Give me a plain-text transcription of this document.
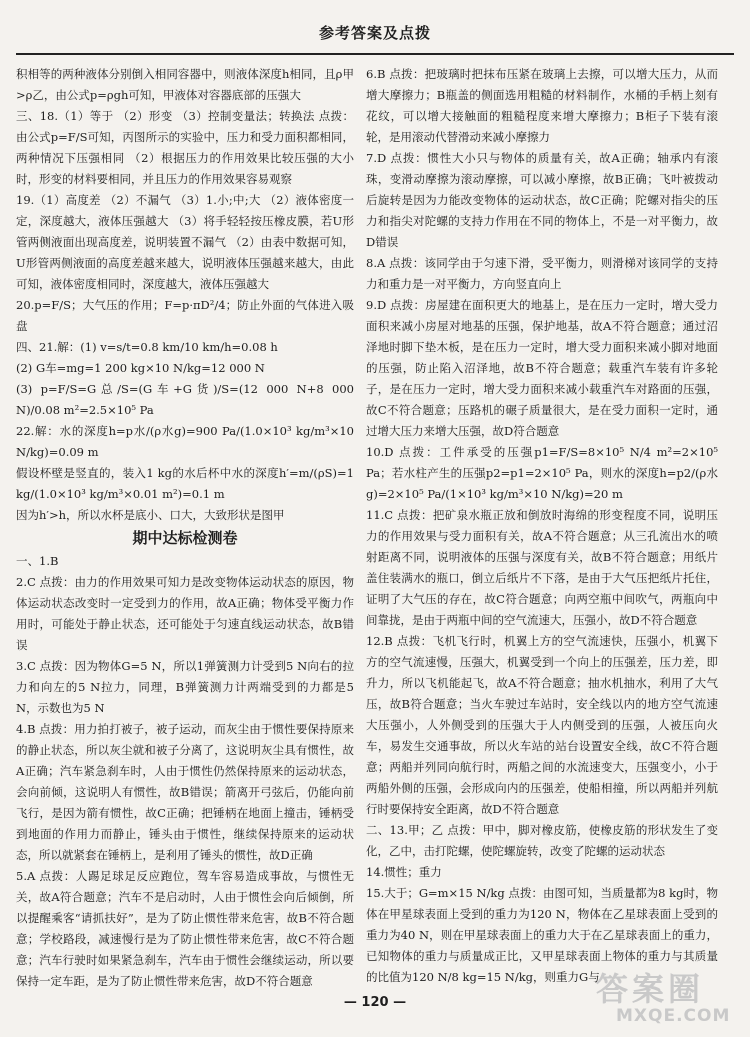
参考答案及点拨

积相等的两种液体分别倒入相同容器中，则液体深度h相同，且ρ甲>ρ乙，由公式p=ρgh可知，甲液体对容器底部的压强大

三、18.（1）等于 （2）形变 （3）控制变量法；转换法 点拨：由公式p=F/S可知，丙图所示的实验中，压力和受力面积都相同，两种情况下压强相同 （2）根据压力的作用效果比较压强的大小时，形变的材料要相同，并且压力的作用效果容易观察

19.（1）高度差 （2）不漏气 （3）1.小;中;大 （2）液体密度一定，深度越大，液体压强越大 （3）将手轻轻按压橡皮膜，若U形管两侧液面出现高度差，说明装置不漏气 （2）由表中数据可知，U形管两侧液面的高度差越来越大，说明液体压强越来越大，由此可知，液体密度相同时，深度越大，液体压强越大

20.p=F/S；大气压的作用；F=p·πD²/4；防止外面的气体进入吸盘

四、21.解：(1) v=s/t=0.8 km/10 km/h=0.08 h

(2) G车=mg=1 200 kg×10 N/kg=12 000 N

(3) p=F/S=G总/S=(G车+G货)/S=(12 000 N+8 000 N)/0.08 m²=2.5×10⁵ Pa

22.解：水的深度h=p水/(ρ水g)=900 Pa/(1.0×10³ kg/m³×10 N/kg)=0.09 m

假设杯壁是竖直的，装入1 kg的水后杯中水的深度h′=m/(ρS)=1 kg/(1.0×10³ kg/m³×0.01 m²)=0.1 m

因为h′>h，所以水杯是底小、口大，大致形状是图甲

期中达标检测卷

一、1.B

2.C 点拨：由力的作用效果可知力是改变物体运动状态的原因，物体运动状态改变时一定受到力的作用，故A正确；物体受平衡力作用时，可能处于静止状态，还可能处于匀速直线运动状态，故B错误

3.C 点拨：因为物体G=5 N，所以1弹簧测力计受到5 N向右的拉力和向左的5 N拉力，同理，B弹簧测力计两端受到的力都是5 N，示数也为5 N

4.B 点拨：用力拍打被子，被子运动，而灰尘由于惯性要保持原来的静止状态，所以灰尘就和被子分离了，这说明灰尘具有惯性，故A正确；汽车紧急刹车时，人由于惯性仍然保持原来的运动状态，会向前倾，这说明人有惯性，故B错误；箭离开弓弦后，仍能向前飞行，是因为箭有惯性，故C正确；把锤柄在地面上撞击，锤柄受到地面的作用力而静止，锤头由于惯性，继续保持原来的运动状态，所以就紧套在锤柄上，是利用了锤头的惯性，故D正确

5.A 点拨：人踢足球足反应跑位，驾车容易造成事故，与惯性无关，故A符合题意；汽车不是启动时，人由于惯性会向后倾倒，所以提醒乘客“请抓扶好”，是为了防止惯性带来危害，故B不符合题意；学校路段，减速慢行是为了防止惯性带来危害，故C不符合题意；汽车行驶时如果紧急刹车，汽车由于惯性会继续运动，所以要保持一定车距，是为了防止惯性带来危害，故D不符合题意

6.B 点拨：把玻璃时把抹布压紧在玻璃上去擦，可以增大压力，从而增大摩擦力；B瓶盖的侧面选用粗糙的材料制作，水桶的手柄上刻有花纹，可以增大接触面的粗糙程度来增大摩擦力；B柜子下装有滚轮，是用滚动代替滑动来减小摩擦力

7.D 点拨：惯性大小只与物体的质量有关，故A正确；轴承内有滚珠，变滑动摩擦为滚动摩擦，可以减小摩擦，故B正确；飞叶被拨动后旋转是因为力能改变物体的运动状态，故C正确；陀螺对指尖的压力和指尖对陀螺的支持力作用在不同的物体上，不是一对平衡力，故D错误

8.A 点拨：该同学由于匀速下滑，受平衡力，则滑梯对该同学的支持力和重力是一对平衡力，方向竖直向上

9.D 点拨：房屋建在面积更大的地基上，是在压力一定时，增大受力面积来减小房屋对地基的压强，保护地基，故A不符合题意；通过沼泽地时脚下垫木板，是在压力一定时，增大受力面积来减小脚对地面的压强，防止陷入沼泽地，故B不符合题意；载重汽车装有许多轮子，是在压力一定时，增大受力面积来减小载重汽车对路面的压强，故C不符合题意；压路机的碾子质量很大，是在受力面积一定时，通过增大压力来增大压强，故D符合题意

10.D 点拨：工件承受的压强p1=F/S=8×10⁵ N/4 m²=2×10⁵ Pa；若水柱产生的压强p2=p1=2×10⁵ Pa，则水的深度h=p2/(ρ水g)=2×10⁵ Pa/(1×10³ kg/m³×10 N/kg)=20 m

11.C 点拨：把矿泉水瓶正放和倒放时海绵的形变程度不同，说明压力的作用效果与受力面积有关，故A不符合题意；从三孔流出水的喷射距离不同，说明液体的压强与深度有关，故B不符合题意；用纸片盖住装满水的瓶口，倒立后纸片不下落，是由于大气压把纸片托住，证明了大气压的存在，故C符合题意；向两空瓶中间吹气，两瓶向中间靠拢，是由于两瓶中间的空气流速大，压强小，故D不符合题意

12.B 点拨：飞机飞行时，机翼上方的空气流速快，压强小，机翼下方的空气流速慢，压强大，机翼受到一个向上的压强差，压力差，即升力，所以飞机能起飞，故A不符合题意；抽水机抽水，利用了大气压，故B符合题意；当火车驶过车站时，安全线以内的地方空气流速大压强小，人外侧受到的压强大于人内侧受到的压强，人被压向火车，易发生交通事故，所以火车站的站台设置安全线，故C不符合题意；两船并列同向航行时，两船之间的水流速变大，压强变小，小于两船外侧的压强，会形成向内的压强差，使船相撞，所以两船并列航行时要保持安全距离，故D不符合题意

二、13.甲；乙 点拨：甲中，脚对橡皮筋，使橡皮筋的形状发生了变化，乙中，击打陀螺，使陀螺旋转，改变了陀螺的运动状态

14.惯性；重力

15.大于；G=m×15 N/kg 点拨：由图可知，当质量都为8 kg时，物体在甲星球表面上受到的重力为120 N，物体在乙星球表面上受到的重力为40 N，则在甲星球表面上的重力大于在乙星球表面上的重力，已知物体的重力与质量成正比，又甲星球表面上物体的重力与其质量的比值为120 N/8 kg=15 N/kg，则重力G与

— 120 —	答案圈
MXQE.COM
